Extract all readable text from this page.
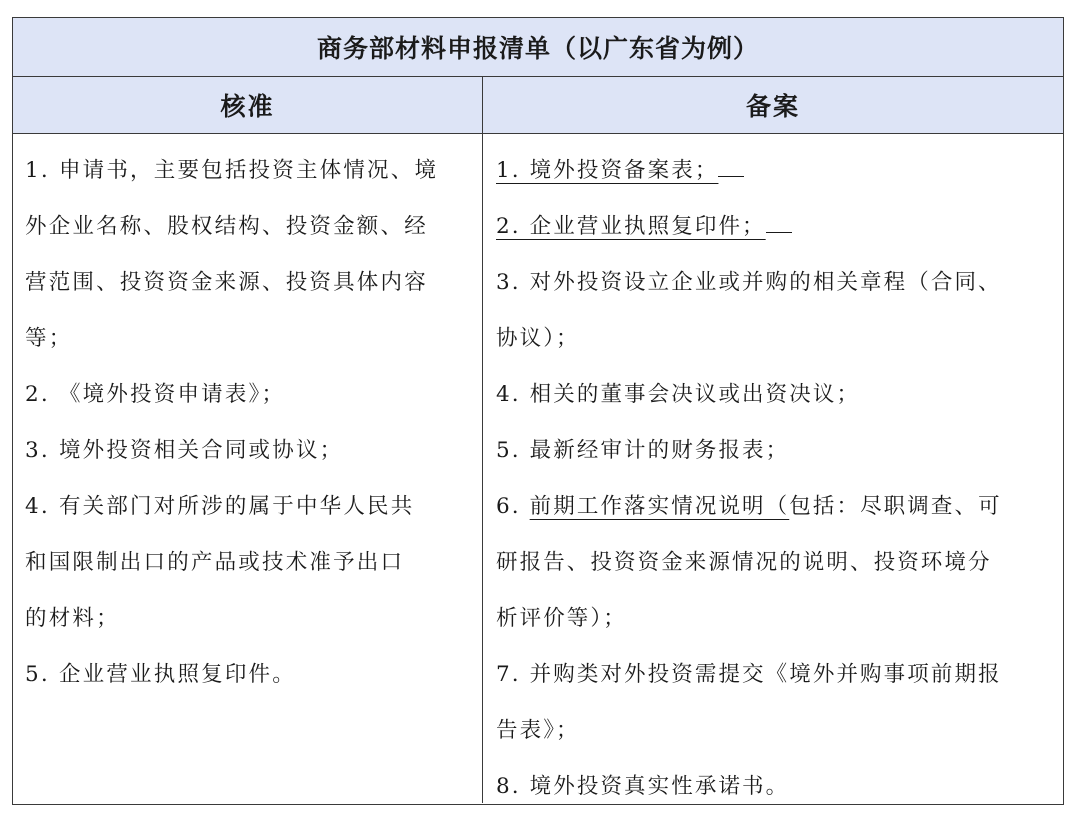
商务部材料申报清单（以广东省为例）
核准	备案
1. 申请书，主要包括投资主体情况、境
外企业名称、股权结构、投资金额、经
营范围、投资资金来源、投资具体内容
等；
2. 《境外投资申请表》；
3. 境外投资相关合同或协议；
4. 有关部门对所涉的属于中华人民共
和国限制出口的产品或技术准予出口
的材料；
5. 企业营业执照复印件。
1. 境外投资备案表；
2. 企业营业执照复印件；
3. 对外投资设立企业或并购的相关章程（合同、
协议）；
4. 相关的董事会决议或出资决议；
5. 最新经审计的财务报表；
6. 前期工作落实情况说明（包括：尽职调查、可
研报告、投资资金来源情况的说明、投资环境分
析评价等）；
7. 并购类对外投资需提交《境外并购事项前期报
告表》；
8. 境外投资真实性承诺书。
